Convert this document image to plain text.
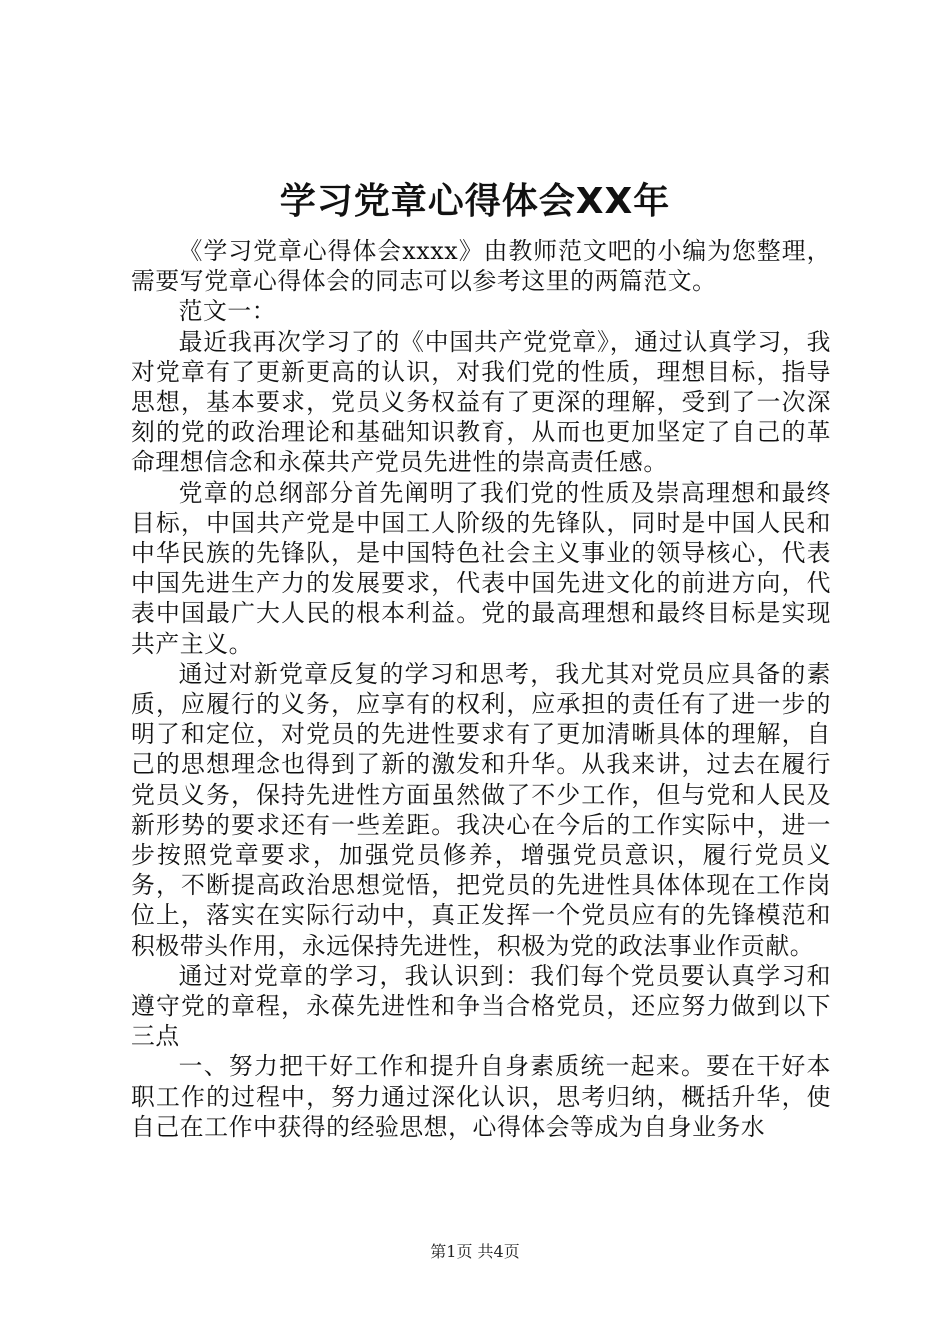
学习党章心得体会XX年

《学习党章心得体会xxxx》由教师范文吧的小编为您整理，需要写党章心得体会的同志可以参考这里的两篇范文。

范文一：

最近我再次学习了的《中国共产党党章》，通过认真学习，我对党章有了更新更高的认识，对我们党的性质，理想目标，指导思想，基本要求，党员义务权益有了更深的理解，受到了一次深刻的党的政治理论和基础知识教育，从而也更加坚定了自己的革命理想信念和永葆共产党员先进性的崇高责任感。

党章的总纲部分首先阐明了我们党的性质及崇高理想和最终目标，中国共产党是中国工人阶级的先锋队，同时是中国人民和中华民族的先锋队，是中国特色社会主义事业的领导核心，代表中国先进生产力的发展要求，代表中国先进文化的前进方向，代表中国最广大人民的根本利益。党的最高理想和最终目标是实现共产主义。

通过对新党章反复的学习和思考，我尤其对党员应具备的素质，应履行的义务，应享有的权利，应承担的责任有了进一步的明了和定位，对党员的先进性要求有了更加清晰具体的理解，自己的思想理念也得到了新的激发和升华。从我来讲，过去在履行党员义务，保持先进性方面虽然做了不少工作，但与党和人民及新形势的要求还有一些差距。我决心在今后的工作实际中，进一步按照党章要求，加强党员修养，增强党员意识，履行党员义务，不断提高政治思想觉悟，把党员的先进性具体体现在工作岗位上，落实在实际行动中，真正发挥一个党员应有的先锋模范和积极带头作用，永远保持先进性，积极为党的政法事业作贡献。

通过对党章的学习，我认识到：我们每个党员要认真学习和遵守党的章程，永葆先进性和争当合格党员，还应努力做到以下三点

一、努力把干好工作和提升自身素质统一起来。要在干好本职工作的过程中，努力通过深化认识，思考归纳，概括升华，使自己在工作中获得的经验思想，心得体会等成为自身业务水

第1页 共4页
